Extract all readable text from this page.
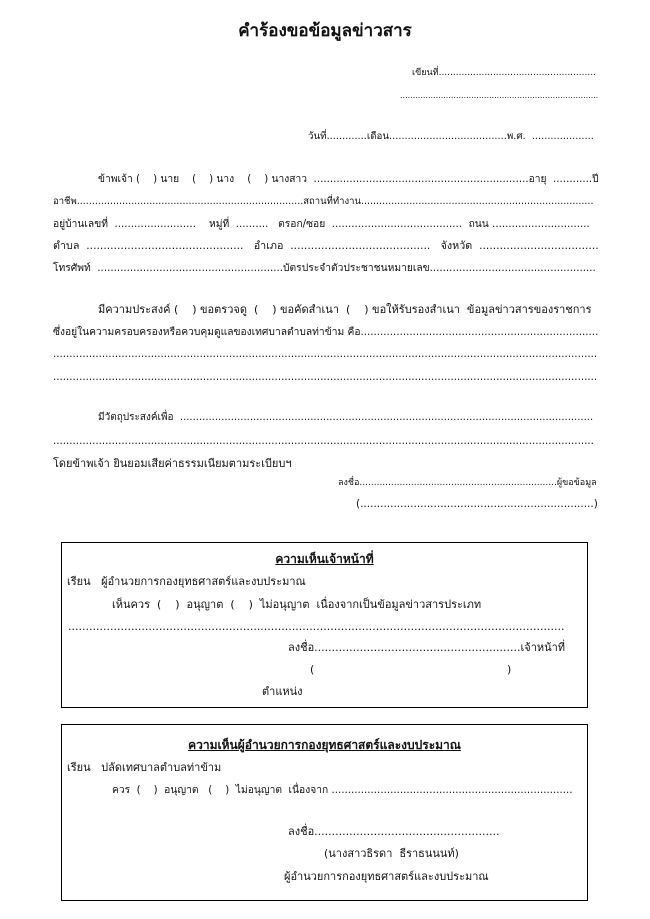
คำร้องขอข้อมูลข่าวสาร
เขียนที่.......................................................
..............................................................................
วันที่.............เดือน......................................พ.ศ.  ....................
ข้าพเจ้า (    ) นาย    (    ) นาง    (    ) นางสาว  ..................................................................อายุ  ............ปี
อาชีพ...........................................................................สถานที่ทำงาน.............................................................................
อยู่บ้านเลขที่  .........................    หมู่ที่  ..........   ตรอก/ซอย  ........................................  ถนน ..............................
ตำบล  ..............................................   อำเภอ  .........................................   จังหวัด  ...................................
โทรศัพท์  .........................................................บัตรประจำตัวประชาชนหมายเลข...................................................
มีความประสงค์ (    ) ขอตรวจดู  (    ) ขอคัดสำเนา  (    ) ขอให้รับรองสำเนา  ข้อมูลข่าวสารของราชการ
ซึ่งอยู่ในความครอบครองหรือควบคุมดูแลของเทศบาลตำบลท่าข้าม คือ.........................................................................
.......................................................................................................................................................................
.......................................................................................................................................................................
มีวัตถุประสงค์เพื่อ  ..................................................................................................................................
......................................................................................................................................................................
โดยข้าพเจ้า ยินยอมเสียค่าธรรมเนียมตามระเบียบฯ
ลงชื่อ.....................................................................ผู้ขอข้อมูล
(......................................................................)
ความเห็นเจ้าหน้าที่
เรียน   ผู้อำนวยการกองยุทธศาสตร์และงบประมาณ
เห็นควร  (    )  อนุญาต  (    )  ไม่อนุญาต  เนื่องจากเป็นข้อมูลข่าวสารประเภท
..............................................................................................................................................
ลงชื่อ...........................................................เจ้าหน้าที่
(	)
ตำแหน่ง
ความเห็นผู้อำนวยการกองยุทธศาสตร์และงบประมาณ
เรียน   ปลัดเทศบาลตำบลท่าข้าม
ควร  (    )  อนุญาต   (    )  ไม่อนุญาต  เนื่องจาก ..........................................................................
ลงชื่อ.....................................................
(นางสาวธิรดา  ธีราธนนนท์)
ผู้อำนวยการกองยุทธศาสตร์และงบประมาณ
